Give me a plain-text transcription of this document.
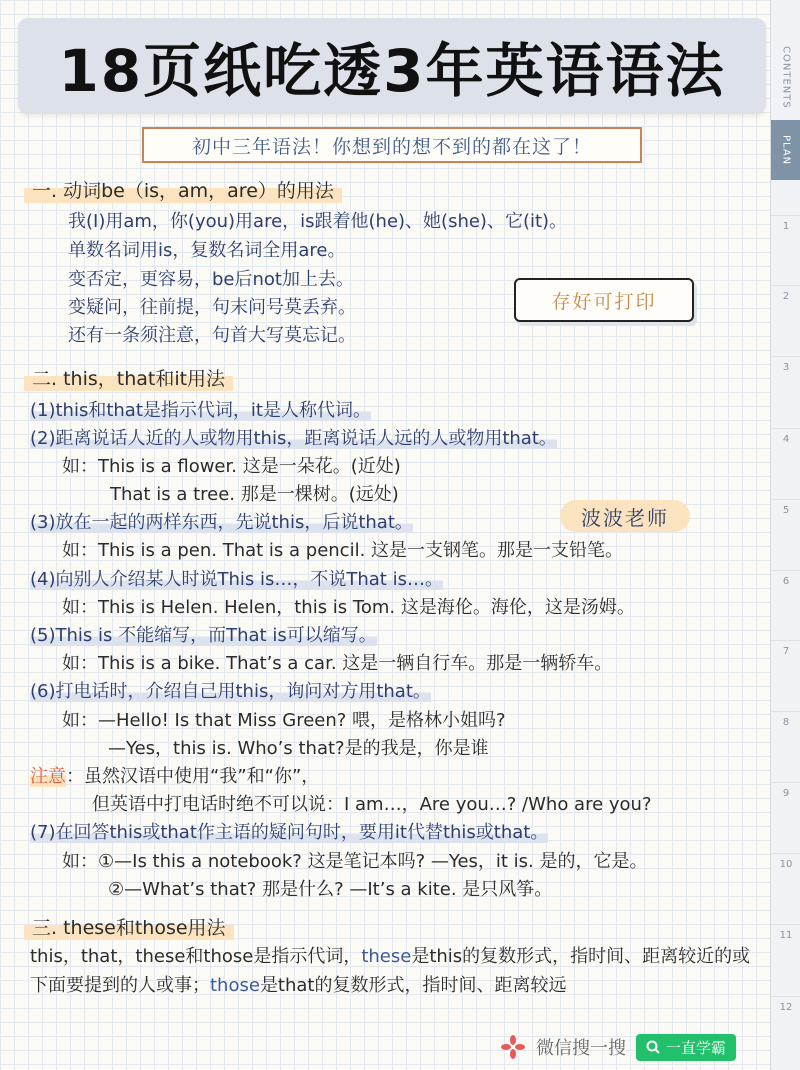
18页纸吃透3年英语语法
初中三年语法！你想到的想不到的都在这了！
CONTENTS
PLAN
1
2
3
4
5
6
7
8
9
10
11
12
一. 动词be（is，am，are）的用法
我(I)用am，你(you)用are，is跟着他(he)、她(she)、它(it)。
单数名词用is，复数名词全用are。
变否定，更容易，be后not加上去。
变疑问，往前提，句末问号莫丢弃。
还有一条须注意，句首大写莫忘记。
存好可打印
二. this，that和it用法
(1)this和that是指示代词，it是人称代词。
(2)距离说话人近的人或物用this，距离说话人远的人或物用that。
如：This is a flower. 这是一朵花。(近处)
That is a tree. 那是一棵树。(远处)
(3)放在一起的两样东西，先说this，后说that。	波波老师
如：This is a pen. That is a pencil. 这是一支钢笔。那是一支铅笔。
(4)向别人介绍某人时说This is…，不说That is…。
如：This is Helen. Helen，this is Tom. 这是海伦。海伦，这是汤姆。
(5)This is 不能缩写，而That is可以缩写。
如：This is a bike. That’s a car. 这是一辆自行车。那是一辆轿车。
(6)打电话时，介绍自己用this，询问对方用that。
如：—Hello! Is that Miss Green? 喂，是格林小姐吗?
—Yes，this is. Who’s that?是的我是，你是谁
注意：虽然汉语中使用“我”和“你”，
但英语中打电话时绝不可以说：I am…，Are you…? /Who are you?
(7)在回答this或that作主语的疑问句时，要用it代替this或that。
如：①—Is this a notebook? 这是笔记本吗? —Yes，it is. 是的，它是。
②—What’s that? 那是什么? —It’s a kite. 是只风筝。
三. these和those用法
this，that，these和those是指示代词，these是this的复数形式，指时间、距离较近的或下面要提到的人或事；those是that的复数形式，指时间、距离较远
微信搜一搜	一直学霸
